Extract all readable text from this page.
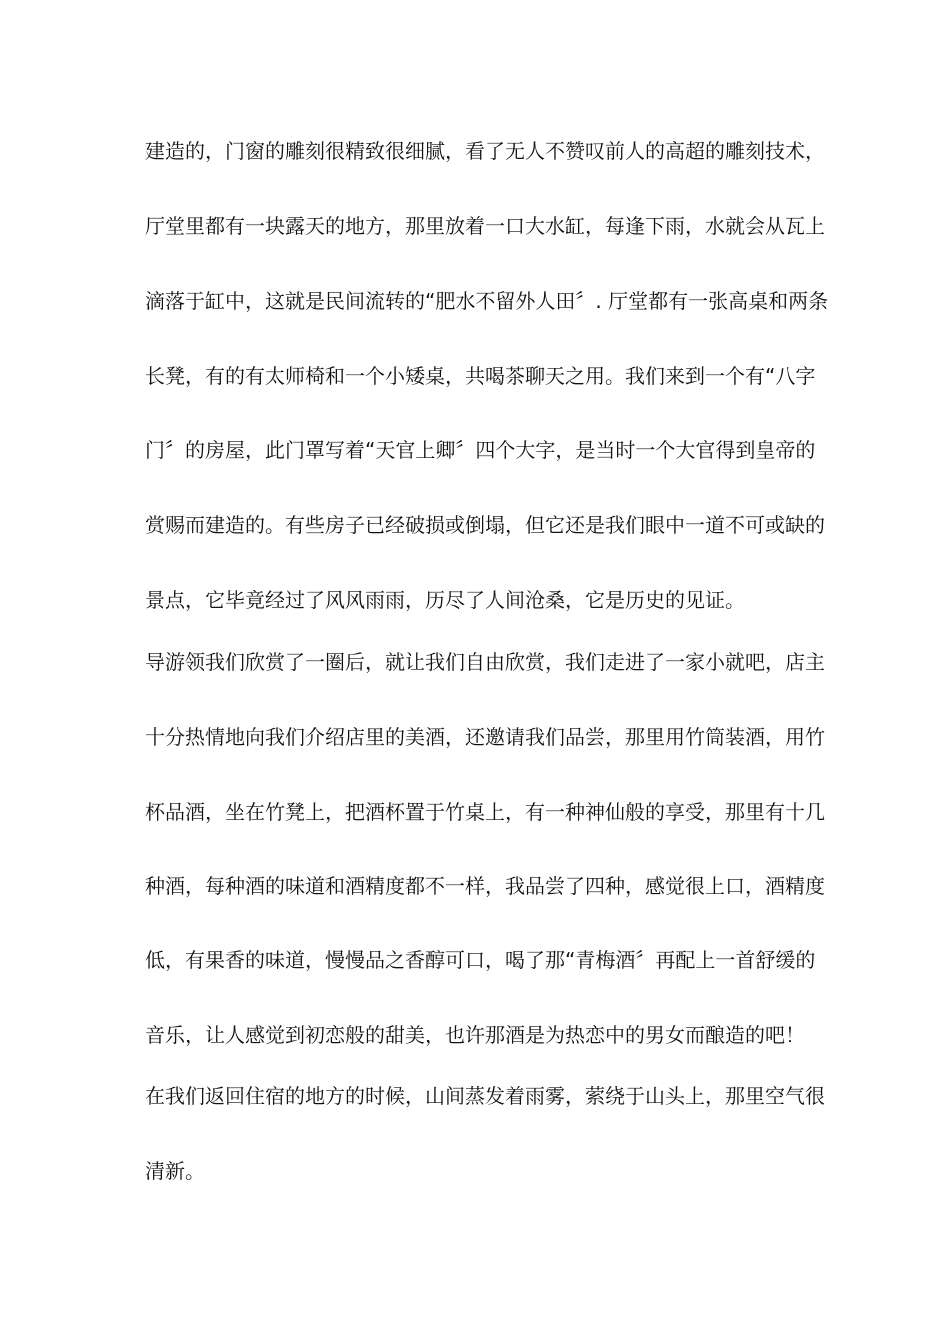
建造的，门窗的雕刻很精致很细腻，看了无人不赞叹前人的高超的雕刻技术，
厅堂里都有一块露天的地方，那里放着一口大水缸，每逢下雨，水就会从瓦上
滴落于缸中，这就是民间流转的“肥水不留外人田〞. 厅堂都有一张高桌和两条
长凳，有的有太师椅和一个小矮桌，共喝茶聊天之用。我们来到一个有“八字
门〞的房屋，此门罩写着“天官上卿〞四个大字，是当时一个大官得到皇帝的
赏赐而建造的。有些房子已经破损或倒塌，但它还是我们眼中一道不可或缺的
景点，它毕竟经过了风风雨雨，历尽了人间沧桑，它是历史的见证。
导游领我们欣赏了一圈后，就让我们自由欣赏，我们走进了一家小就吧，店主
十分热情地向我们介绍店里的美酒，还邀请我们品尝，那里用竹筒装酒，用竹
杯品酒，坐在竹凳上，把酒杯置于竹桌上，有一种神仙般的享受，那里有十几
种酒，每种酒的味道和酒精度都不一样，我品尝了四种，感觉很上口，酒精度
低，有果香的味道，慢慢品之香醇可口，喝了那“青梅酒〞再配上一首舒缓的
音乐，让人感觉到初恋般的甜美，也许那酒是为热恋中的男女而酿造的吧！
在我们返回住宿的地方的时候，山间蒸发着雨雾，萦绕于山头上，那里空气很
清新。
